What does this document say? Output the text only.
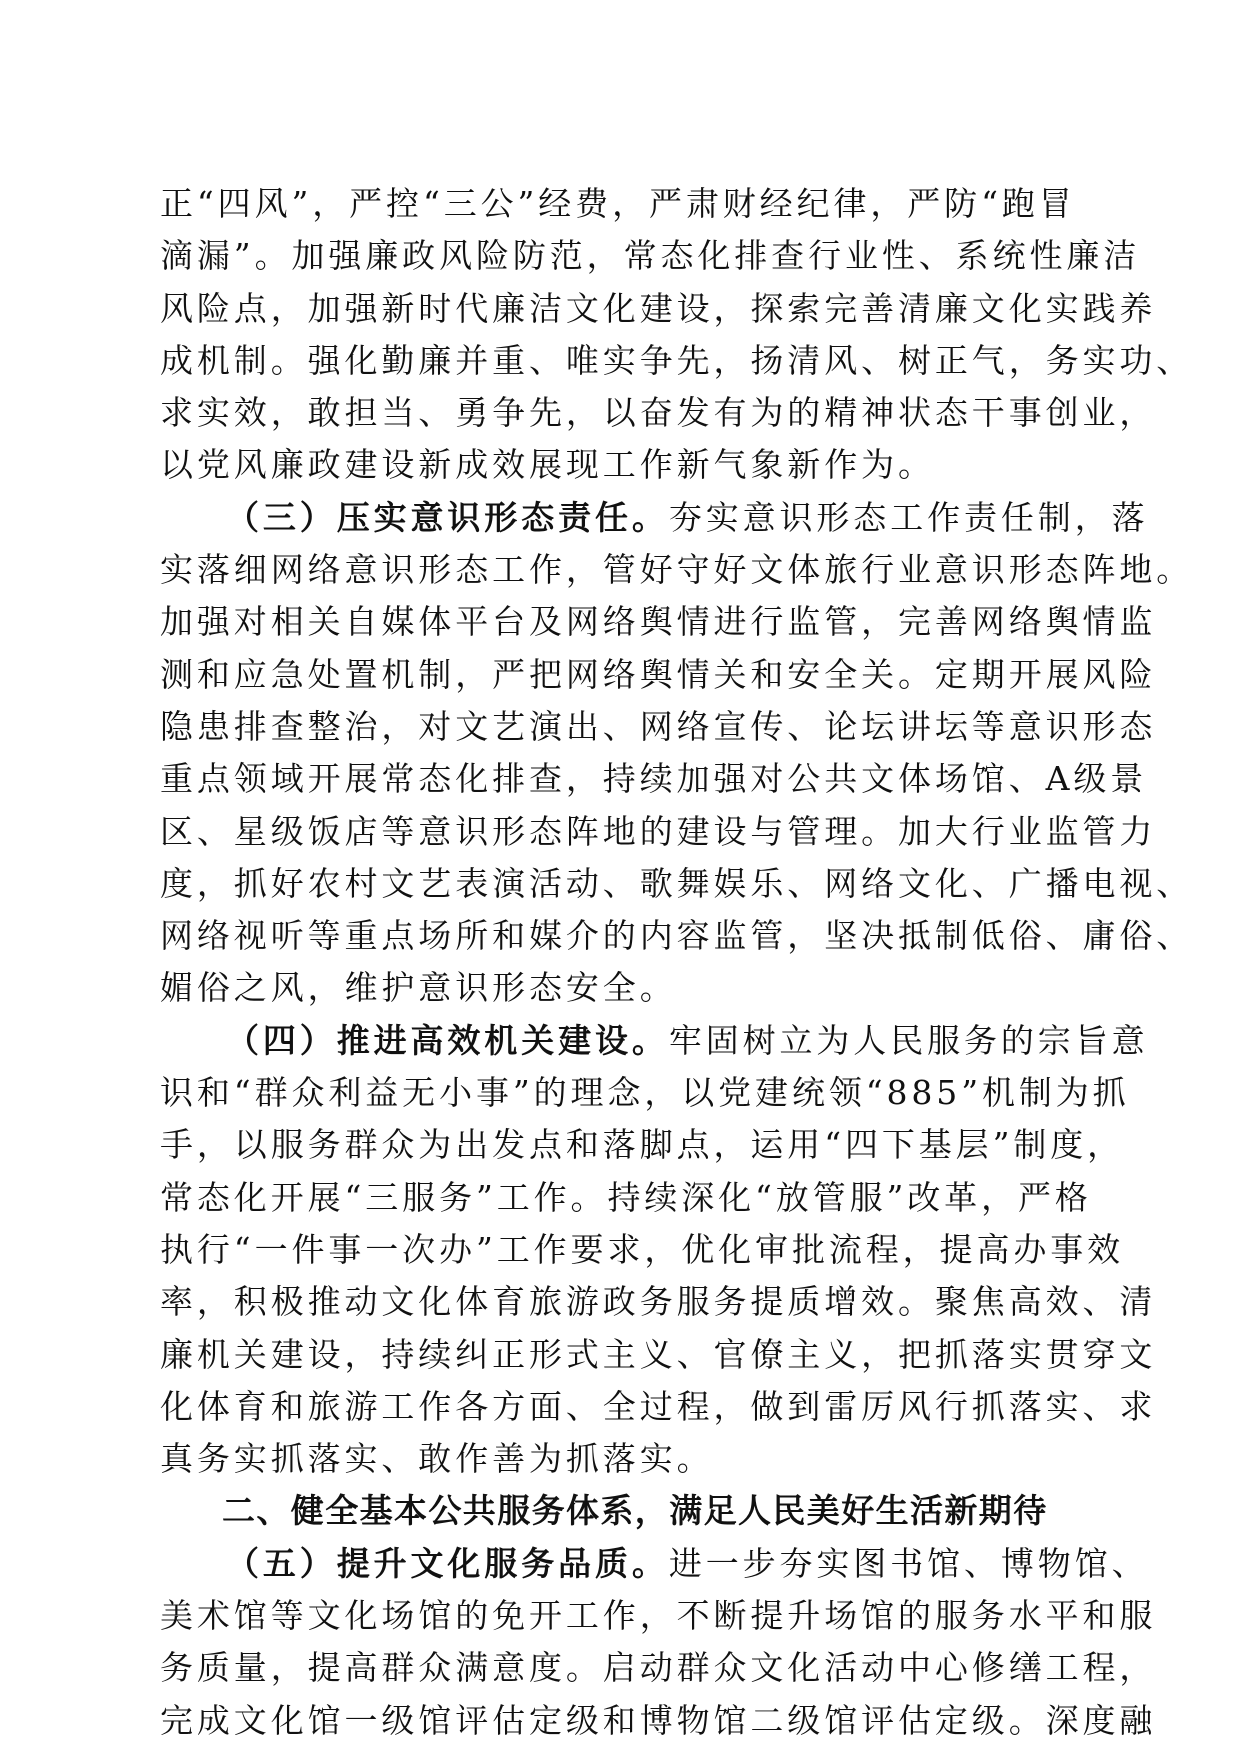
正“四风”，严控“三公”经费，严肃财经纪律，严防“跑冒
滴漏”。加强廉政风险防范，常态化排查行业性、系统性廉洁
风险点，加强新时代廉洁文化建设，探索完善清廉文化实践养
成机制。强化勤廉并重、唯实争先，扬清风、树正气，务实功、
求实效，敢担当、勇争先，以奋发有为的精神状态干事创业，
以党风廉政建设新成效展现工作新气象新作为。
（三）压实意识形态责任。夯实意识形态工作责任制，落
实落细网络意识形态工作，管好守好文体旅行业意识形态阵地。
加强对相关自媒体平台及网络舆情进行监管，完善网络舆情监
测和应急处置机制，严把网络舆情关和安全关。定期开展风险
隐患排查整治，对文艺演出、网络宣传、论坛讲坛等意识形态
重点领域开展常态化排查，持续加强对公共文体场馆、A级景
区、星级饭店等意识形态阵地的建设与管理。加大行业监管力
度，抓好农村文艺表演活动、歌舞娱乐、网络文化、广播电视、
网络视听等重点场所和媒介的内容监管，坚决抵制低俗、庸俗、
媚俗之风，维护意识形态安全。
（四）推进高效机关建设。牢固树立为人民服务的宗旨意
识和“群众利益无小事”的理念，以党建统领“885”机制为抓
手，以服务群众为出发点和落脚点，运用“四下基层”制度，
常态化开展“三服务”工作。持续深化“放管服”改革，严格
执行“一件事一次办”工作要求，优化审批流程，提高办事效
率，积极推动文化体育旅游政务服务提质增效。聚焦高效、清
廉机关建设，持续纠正形式主义、官僚主义，把抓落实贯穿文
化体育和旅游工作各方面、全过程，做到雷厉风行抓落实、求
真务实抓落实、敢作善为抓落实。
二、健全基本公共服务体系，满足人民美好生活新期待
（五）提升文化服务品质。进一步夯实图书馆、博物馆、
美术馆等文化场馆的免开工作，不断提升场馆的服务水平和服
务质量，提高群众满意度。启动群众文化活动中心修缮工程，
完成文化馆一级馆评估定级和博物馆二级馆评估定级。深度融
